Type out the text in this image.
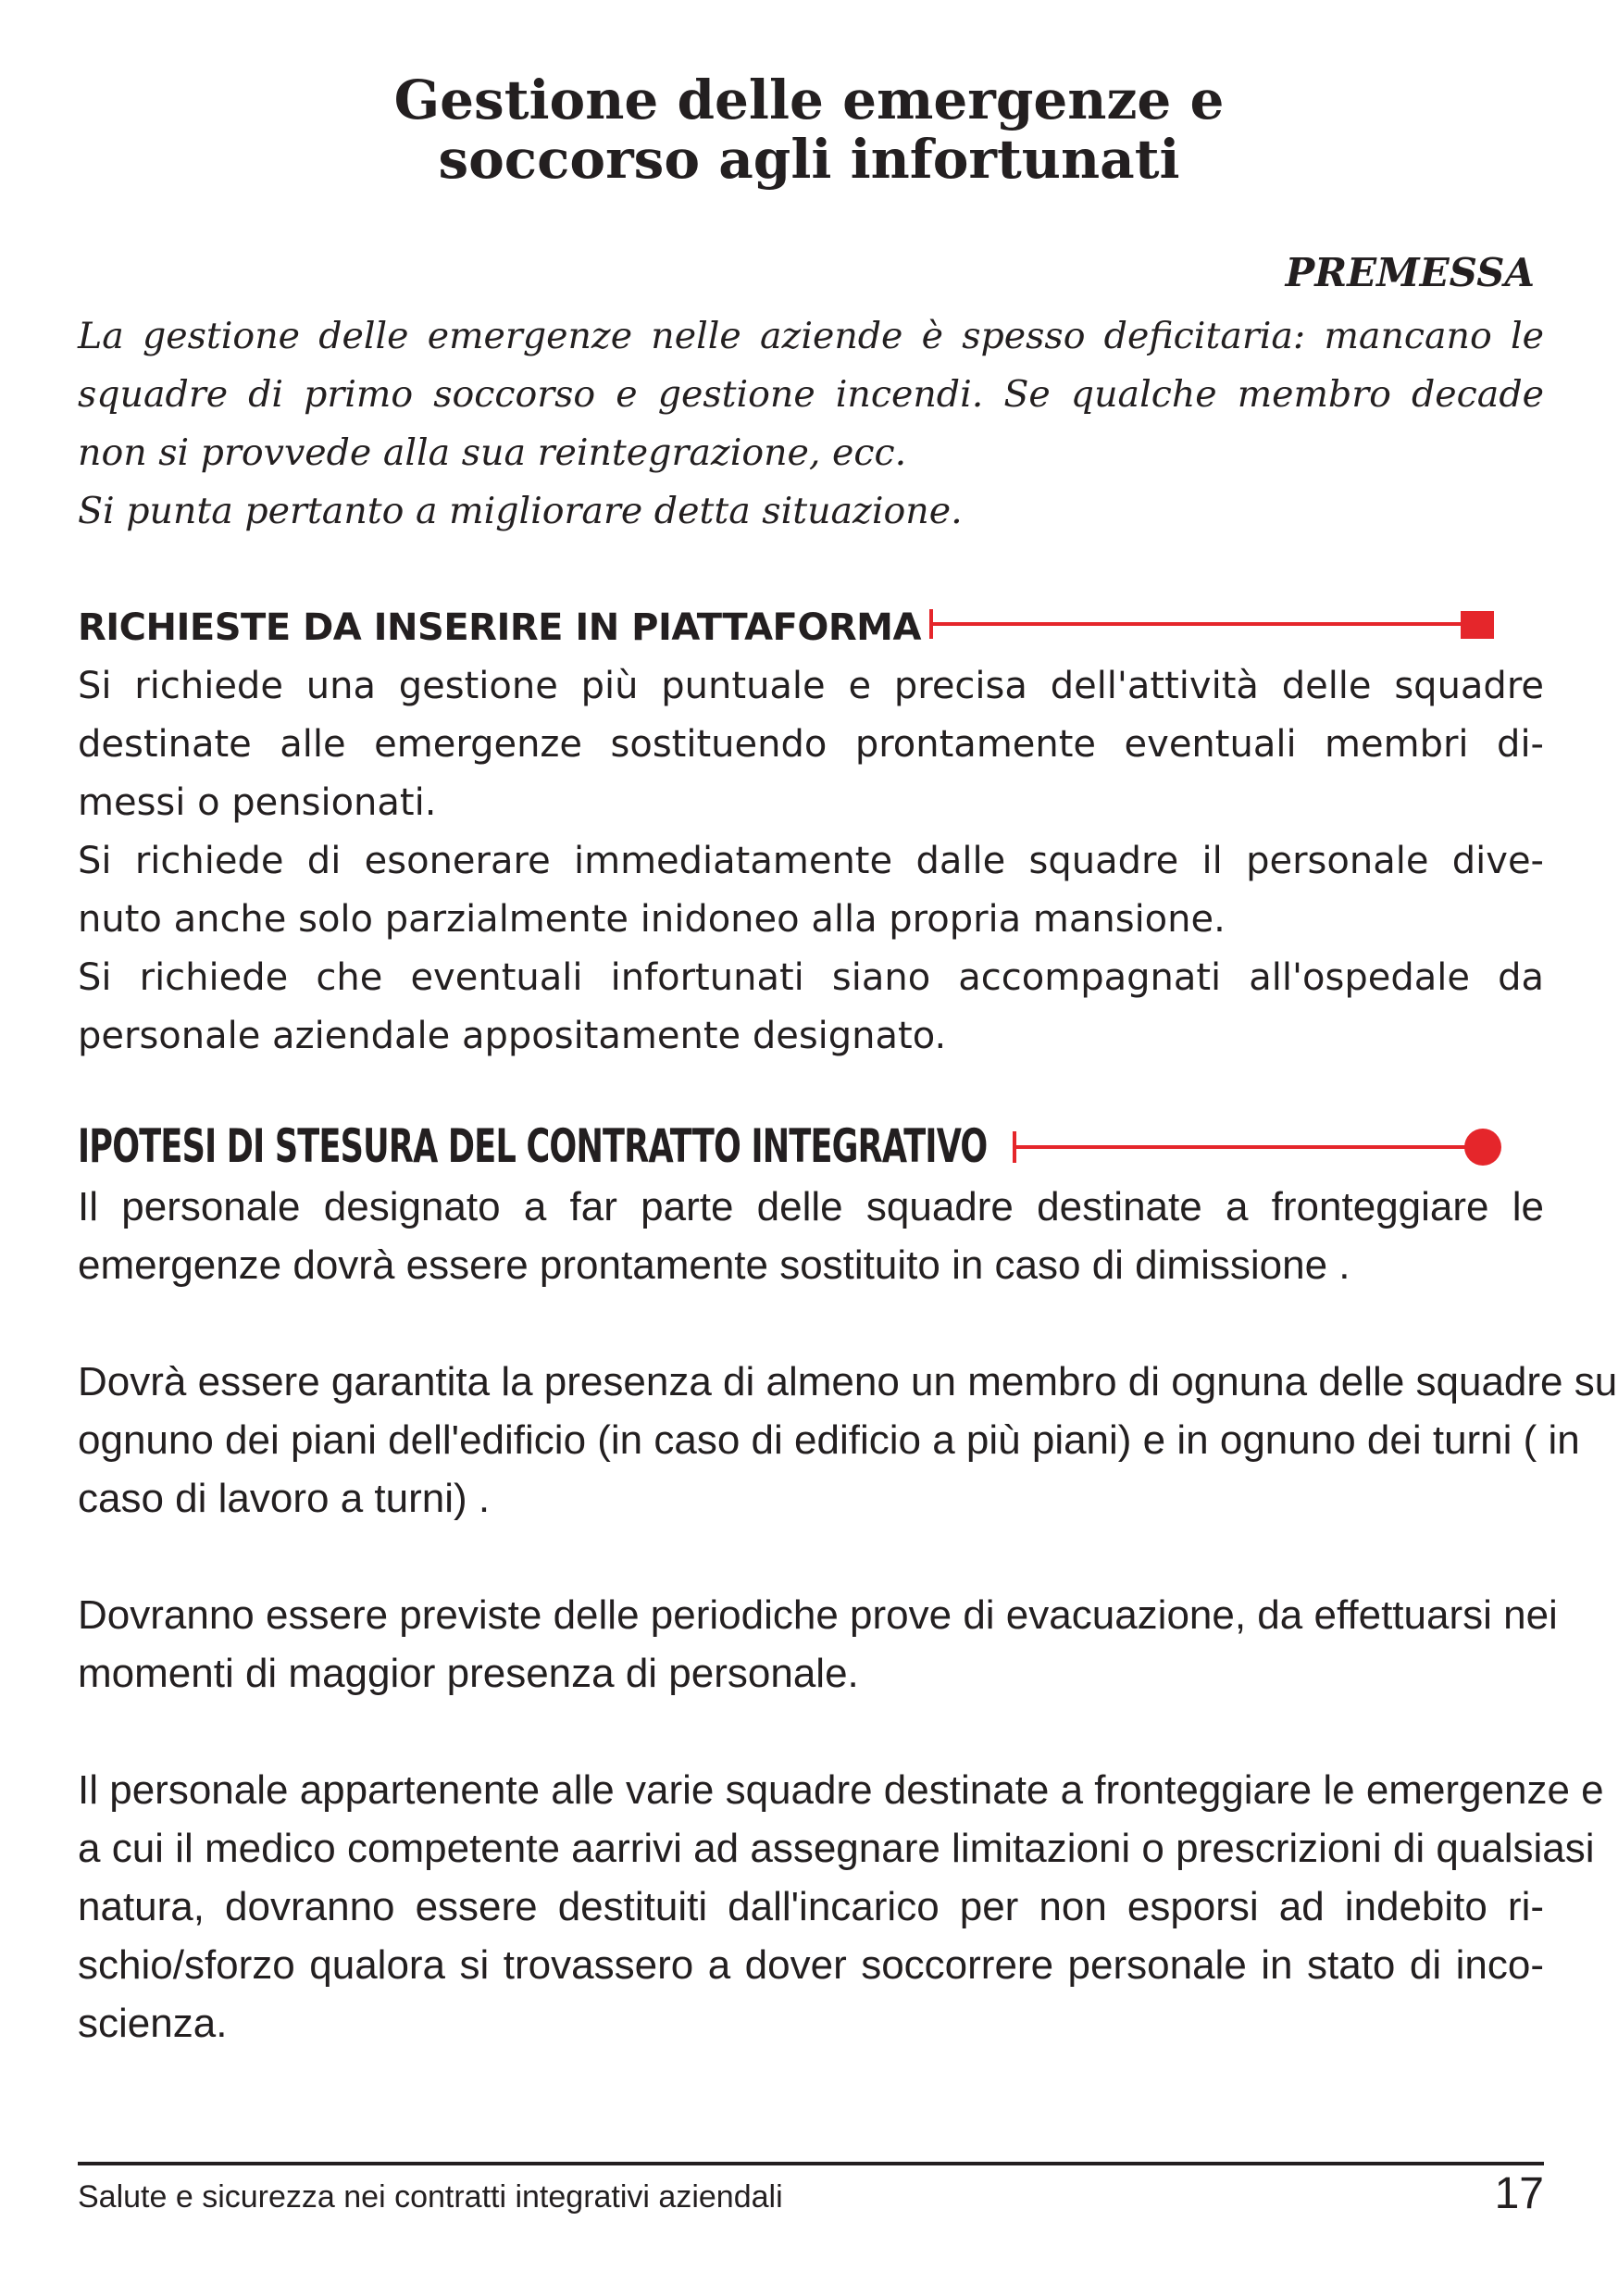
Gestione delle emergenze e
soccorso agli infortunati
PREMESSA
La gestione delle emergenze nelle aziende è spesso deficitaria: mancano le
squadre di primo soccorso e gestione incendi. Se qualche membro decade
non si provvede alla sua reintegrazione, ecc.
Si punta pertanto a migliorare detta situazione.
RICHIESTE DA INSERIRE IN PIATTAFORMA
Si richiede una gestione più puntuale e precisa dell'attività delle squadre
destinate alle emergenze sostituendo prontamente eventuali membri di-
messi o pensionati.
Si richiede di esonerare immediatamente dalle squadre il personale dive-
nuto anche solo parzialmente inidoneo alla propria mansione.
Si richiede che eventuali infortunati siano accompagnati all'ospedale da
personale aziendale appositamente designato.
IPOTESI DI STESURA DEL CONTRATTO INTEGRATIVO
Il personale designato a far parte delle squadre destinate a fronteggiare le
emergenze dovrà essere prontamente sostituito in caso di dimissione .
Dovrà essere garantita la presenza di almeno un membro di ognuna delle squadre su
ognuno dei piani dell'edificio (in caso di edificio a più piani) e in ognuno dei turni ( in
caso di lavoro a turni) .
Dovranno essere previste delle periodiche prove di evacuazione, da effettuarsi nei
momenti di maggior presenza di personale.
Il personale appartenente alle varie squadre destinate a fronteggiare le emergenze e
a cui il medico competente aarrivi ad assegnare limitazioni o prescrizioni di qualsiasi
natura, dovranno essere destituiti dall'incarico per non esporsi ad indebito ri-
schio/sforzo qualora si trovassero a dover soccorrere personale in stato di inco-
scienza.
Salute e sicurezza nei contratti integrativi aziendali	17
